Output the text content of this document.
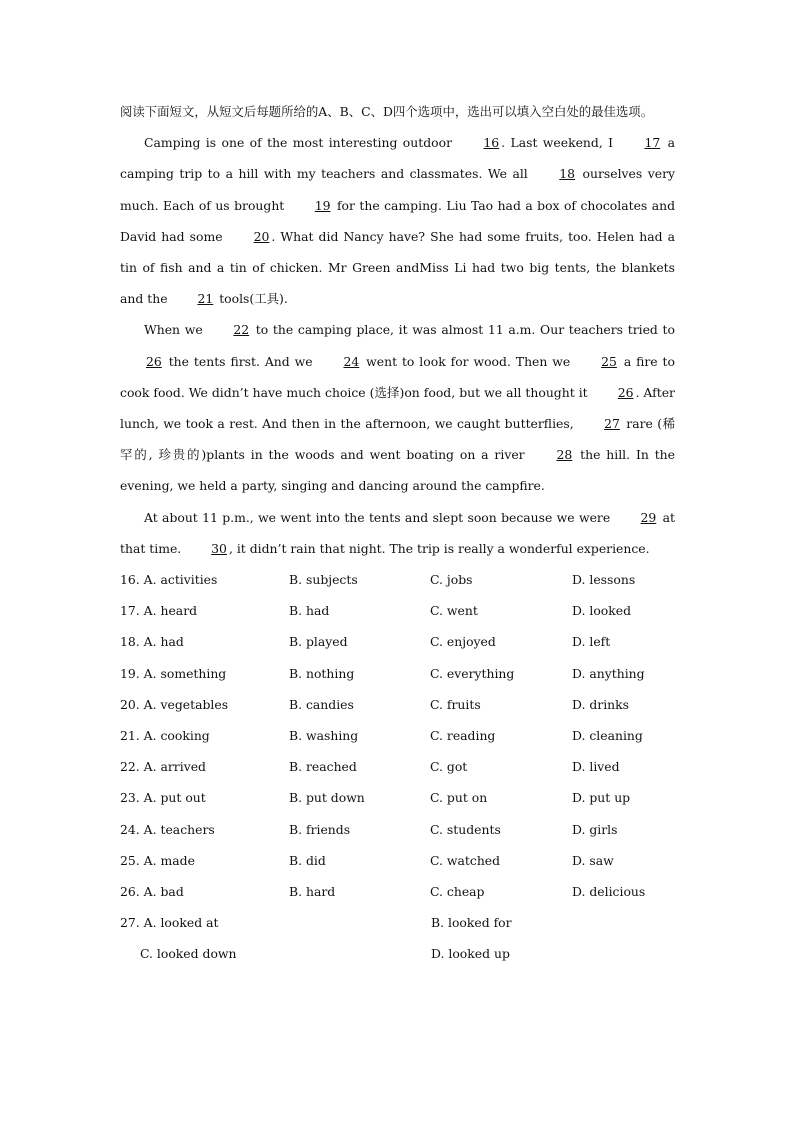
阅读下面短文，从短文后每题所给的A、B、C、D四个选项中，选出可以填入空白处的最佳选项。

Camping is one of the most interesting outdoor 16. Last weekend, I 17 a camping trip to a hill with my teachers and classmates. We all 18 ourselves very much. Each of us brought 19 for the camping. Liu Tao had a box of chocolates and David had some 20. What did Nancy have? She had some fruits, too. Helen had a tin of fish and a tin of chicken. Mr Green andMiss Li had two big tents, the blankets and the 21 tools(工具).

When we 22 to the camping place, it was almost 11 a.m. Our teachers tried to 26 the tents first. And we 24 went to look for wood. Then we 25 a fire to cook food. We didn’t have much choice (选择)on food, but we all thought it 26. After lunch, we took a rest. And then in the afternoon, we caught butterflies, 27 rare (稀罕的, 珍贵的)plants in the woods and went boating on a river 28 the hill. In the evening, we held a party, singing and dancing around the campfire.

At about 11 p.m., we went into the tents and slept soon because we were 29 at that time. 30, it didn’t rain that night. The trip is really a wonderful experience.

16. A. activities	B. subjects	C. jobs	D. lessons
17. A. heard	B. had	C. went	D. looked
18. A. had	B. played	C. enjoyed	D. left
19. A. something	B. nothing	C. everything	D. anything
20. A. vegetables	B. candies	C. fruits	D. drinks
21. A. cooking	B. washing	C. reading	D. cleaning
22. A. arrived	B. reached	C. got	D. lived
23. A. put out	B. put down	C. put on	D. put up
24. A. teachers	B. friends	C. students	D. girls
25. A. made	B. did	C. watched	D. saw
26. A. bad	B. hard	C. cheap	D. delicious
27. A. looked at	B. looked for
C. looked down	D. looked up
